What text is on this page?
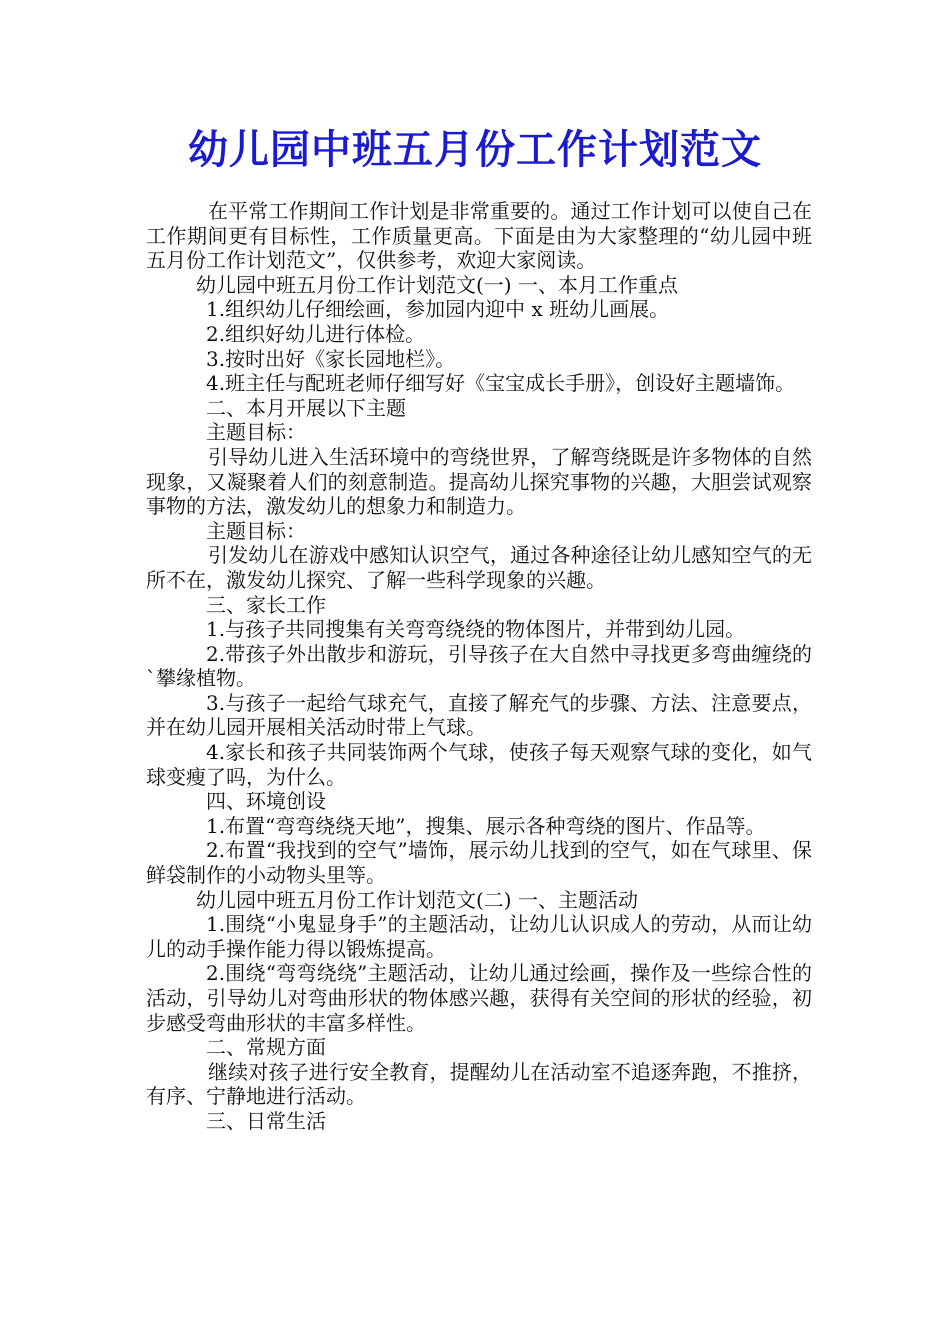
幼儿园中班五月份工作计划范文

在平常工作期间工作计划是非常重要的。通过工作计划可以使自己在工作期间更有目标性，工作质量更高。下面是由为大家整理的“幼儿园中班五月份工作计划范文”，仅供参考，欢迎大家阅读。

幼儿园中班五月份工作计划范文(一) 一、本月工作重点

1.组织幼儿仔细绘画，参加园内迎中 x 班幼儿画展。

2.组织好幼儿进行体检。

3.按时出好《家长园地栏》。

4.班主任与配班老师仔细写好《宝宝成长手册》，创设好主题墙饰。

二、本月开展以下主题

主题目标：

引导幼儿进入生活环境中的弯绕世界，了解弯绕既是许多物体的自然现象，又凝聚着人们的刻意制造。提高幼儿探究事物的兴趣，大胆尝试观察事物的方法，激发幼儿的想象力和制造力。

主题目标：

引发幼儿在游戏中感知认识空气，通过各种途径让幼儿感知空气的无所不在，激发幼儿探究、了解一些科学现象的兴趣。

三、家长工作

1.与孩子共同搜集有关弯弯绕绕的物体图片，并带到幼儿园。

2.带孩子外出散步和游玩，引导孩子在大自然中寻找更多弯曲缠绕的`攀缘植物。

3.与孩子一起给气球充气，直接了解充气的步骤、方法、注意要点，并在幼儿园开展相关活动时带上气球。

4.家长和孩子共同装饰两个气球，使孩子每天观察气球的变化，如气球变瘦了吗，为什么。

四、环境创设

1.布置“弯弯绕绕天地”，搜集、展示各种弯绕的图片、作品等。

2.布置“我找到的空气”墙饰，展示幼儿找到的空气，如在气球里、保鲜袋制作的小动物头里等。

幼儿园中班五月份工作计划范文(二) 一、主题活动

1.围绕“小鬼显身手”的主题活动，让幼儿认识成人的劳动，从而让幼儿的动手操作能力得以锻炼提高。

2.围绕“弯弯绕绕”主题活动，让幼儿通过绘画，操作及一些综合性的活动，引导幼儿对弯曲形状的物体感兴趣，获得有关空间的形状的经验，初步感受弯曲形状的丰富多样性。

二、常规方面

继续对孩子进行安全教育，提醒幼儿在活动室不追逐奔跑，不推挤，有序、宁静地进行活动。

三、日常生活
